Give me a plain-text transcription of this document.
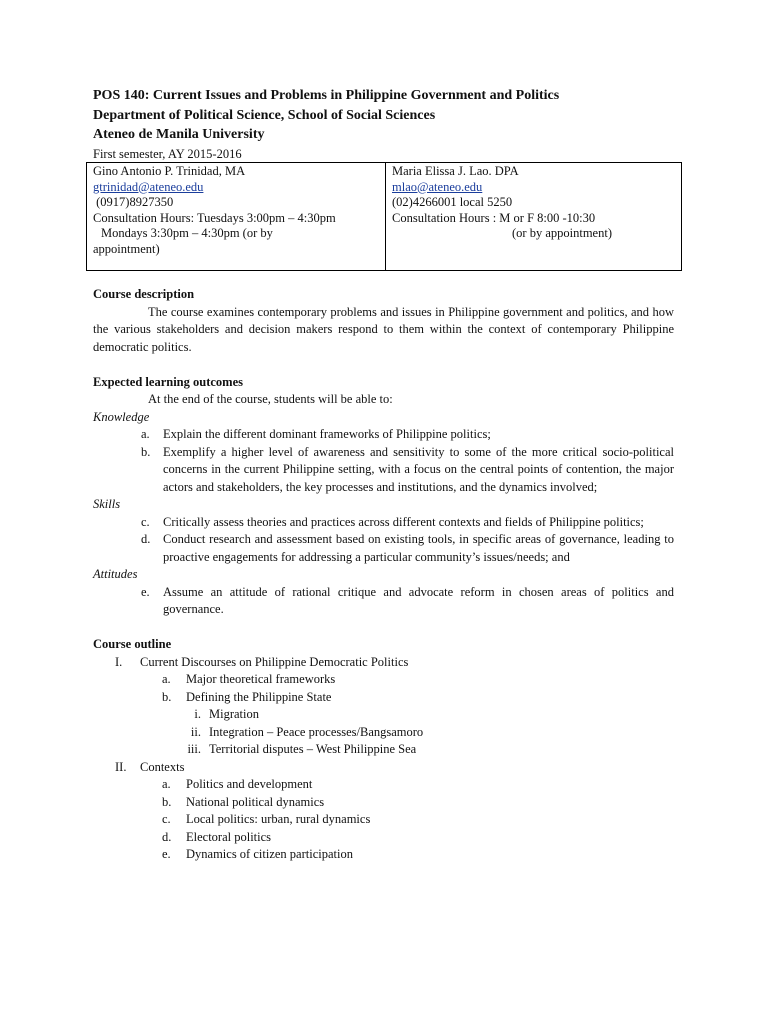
POS 140: Current Issues and Problems in Philippine Government and Politics
Department of Political Science, School of Social Sciences
Ateneo de Manila University
First semester, AY 2015-2016
Gino Antonio P. Trinidad, MA
gtrinidad@ateneo.edu
(0917)8927350
Consultation Hours: Tuesdays 3:00pm – 4:30pm
Mondays 3:30pm – 4:30pm (or by
appointment)

Maria Elissa J. Lao. DPA
mlao@ateneo.edu
(02)4266001 local 5250
Consultation Hours : M or F 8:00 -10:30
(or by appointment)
Course description
The course examines contemporary problems and issues in Philippine government and politics, and how the various stakeholders and decision makers respond to them within the context of contemporary Philippine democratic politics.
Expected learning outcomes
At the end of the course, students will be able to:
Knowledge
a. Explain the different dominant frameworks of Philippine politics;
b. Exemplify a higher level of awareness and sensitivity to some of the more critical socio-political concerns in the current Philippine setting, with a focus on the central points of contention, the major actors and stakeholders, the key processes and institutions, and the dynamics involved;
Skills
c. Critically assess theories and practices across different contexts and fields of Philippine politics;
d. Conduct research and assessment based on existing tools, in specific areas of governance, leading to proactive engagements for addressing a particular community’s issues/needs; and
Attitudes
e. Assume an attitude of rational critique and advocate reform in chosen areas of politics and governance.
Course outline
I. Current Discourses on Philippine Democratic Politics
a. Major theoretical frameworks
b. Defining the Philippine State
i. Migration
ii. Integration – Peace processes/Bangsamoro
iii. Territorial disputes – West Philippine Sea
II. Contexts
a. Politics and development
b. National political dynamics
c. Local politics: urban, rural dynamics
d. Electoral politics
e. Dynamics of citizen participation
